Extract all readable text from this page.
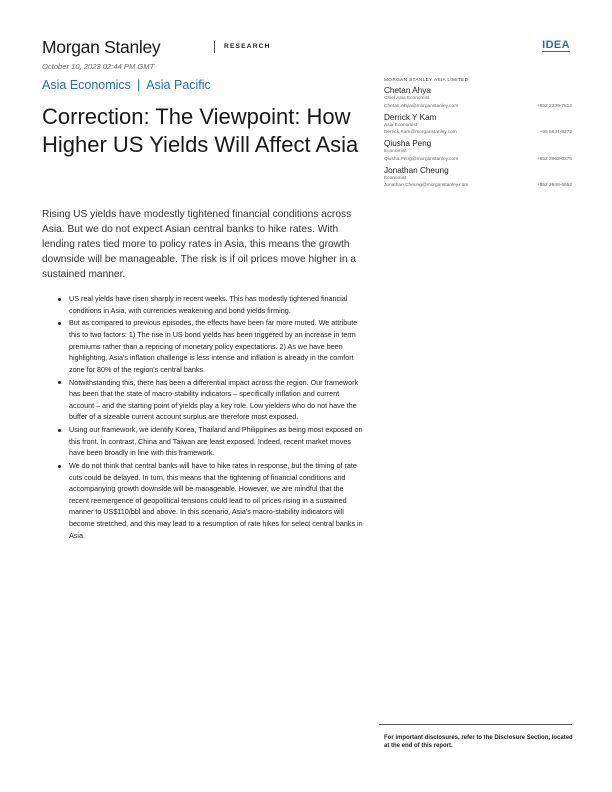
Morgan Stanley	RESEARCH	IDEA
October 10, 2023 02:44 PM GMT
Asia Economics | Asia Pacific
Correction: The Viewpoint: How Higher US Yields Will Affect Asia

Rising US yields have modestly tightened financial conditions across Asia. But we do not expect Asian central banks to hike rates. With lending rates tied more to policy rates in Asia, this means the growth downside will be manageable. The risk is if oil prices move higher in a sustained manner.

US real yields have risen sharply in recent weeks. This has modestly tightened financial conditions in Asia, with currencies weakening and bond yields firming.
But as compared to previous episodes, the effects have been far more muted. We attribute this to two factors: 1) The rise in US bond yields has been triggered by an increase in term premiums rather than a repricing of monetary policy expectations. 2) As we have been highlighting, Asia's inflation challenge is less intense and inflation is already in the comfort zone for 80% of the region's central banks.
Notwithstanding this, there has been a differential impact across the region. Our framework has been that the state of macro-stability indicators – specifically inflation and current account – and the starting point of yields play a key role. Low yielders who do not have the buffer of a sizeable current account surplus are therefore most exposed.
Using our framework, we identify Korea, Thailand and Philippines as being most exposed on this front. In contrast, China and Taiwan are least exposed. Indeed, recent market moves have been broadly in line with this framework.
We do not think that central banks will have to hike rates in response, but the timing of rate cuts could be delayed. In turn, this means that the tightening of financial conditions and accompanying growth downside will be manageable. However, we are mindful that the recent reemergence of geopolitical tensions could lead to oil prices rising in a sustained manner to US$110/bbl and above. In this scenario, Asia's macro-stability indicators will become stretched, and this may lead to a resumption of rate hikes for select central banks in Asia.
MORGAN STANLEY ASIA LIMITED
Chetan Ahya
Chief Asia Economist
Chetan.Ahya@morganstanley.com	+852 2239-7812
Derrick Y Kam
Asia Economist
Derrick.Kam@morganstanley.com	+65 6834-8272
Qiusha Peng
Economist
Qiusha.Peng@morganstanley.com	+852 3963-0376
Jonathan Cheung
Economist
Jonathan.Cheung@morganstanley.com	+852 2848-6652
For important disclosures, refer to the Disclosure Section, located at the end of this report.
